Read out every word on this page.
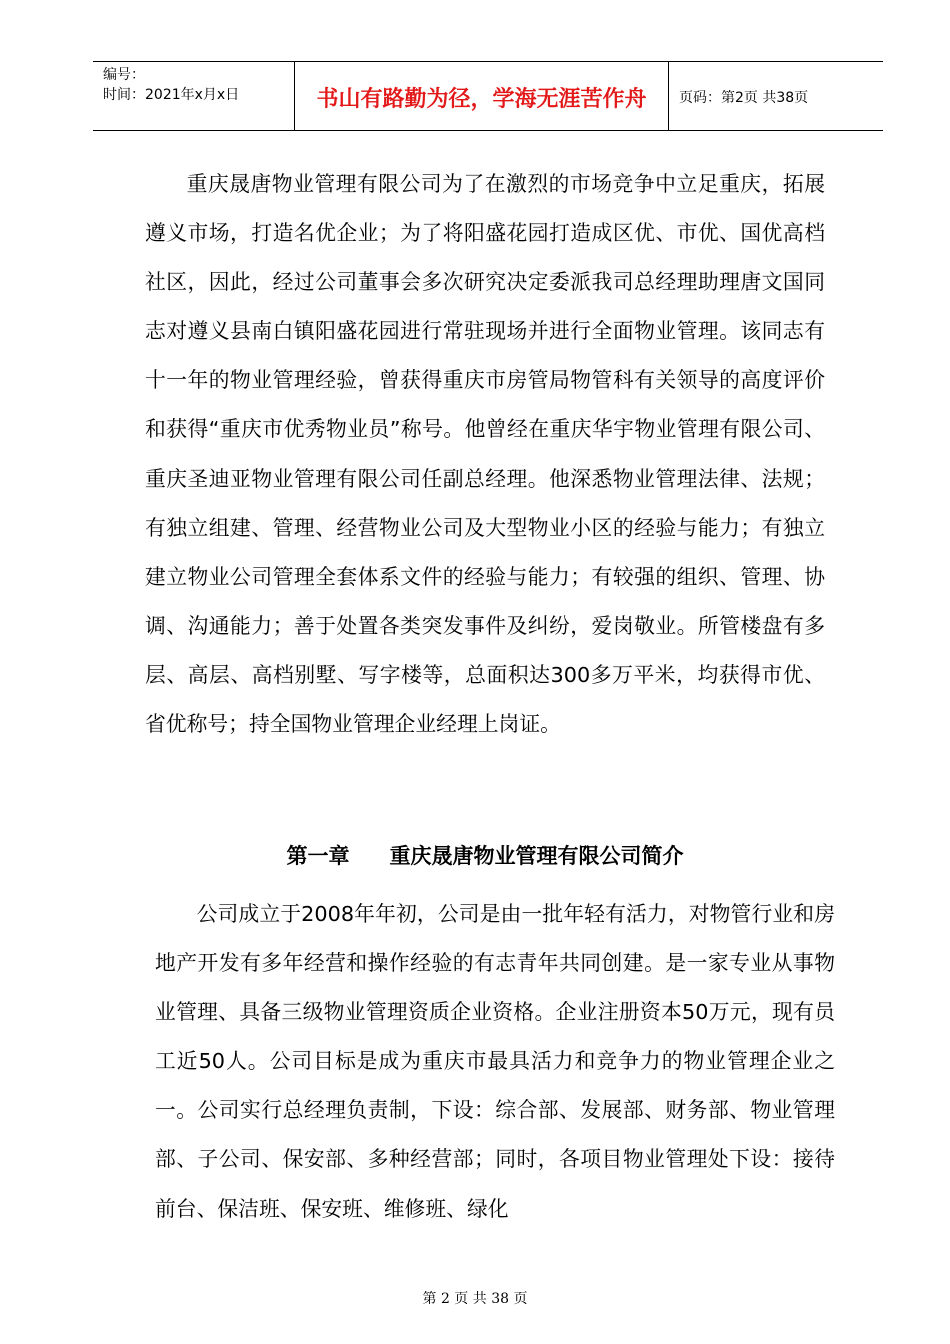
编号：
时间：2021年x月x日	书山有路勤为径，学海无涯苦作舟	页码：第2页 共38页

重庆晟唐物业管理有限公司为了在激烈的市场竞争中立足重庆，拓展遵义市场，打造名优企业；为了将阳盛花园打造成区优、市优、国优高档社区，因此，经过公司董事会多次研究决定委派我司总经理助理唐文国同志对遵义县南白镇阳盛花园进行常驻现场并进行全面物业管理。该同志有十一年的物业管理经验，曾获得重庆市房管局物管科有关领导的高度评价和获得“重庆市优秀物业员”称号。他曾经在重庆华宇物业管理有限公司、重庆圣迪亚物业管理有限公司任副总经理。他深悉物业管理法律、法规；有独立组建、管理、经营物业公司及大型物业小区的经验与能力；有独立建立物业公司管理全套体系文件的经验与能力；有较强的组织、管理、协调、沟通能力；善于处置各类突发事件及纠纷，爱岗敬业。所管楼盘有多层、高层、高档别墅、写字楼等，总面积达300多万平米，均获得市优、省优称号；持全国物业管理企业经理上岗证。

第一章 重庆晟唐物业管理有限公司简介

公司成立于2008年年初，公司是由一批年轻有活力，对物管行业和房地产开发有多年经营和操作经验的有志青年共同创建。是一家专业从事物业管理、具备三级物业管理资质企业资格。企业注册资本50万元，现有员工近50人。公司目标是成为重庆市最具活力和竞争力的物业管理企业之一。公司实行总经理负责制，下设：综合部、发展部、财务部、物业管理部、子公司、保安部、多种经营部；同时，各项目物业管理处下设：接待前台、保洁班、保安班、维修班、绿化

第 2 页 共 38 页
